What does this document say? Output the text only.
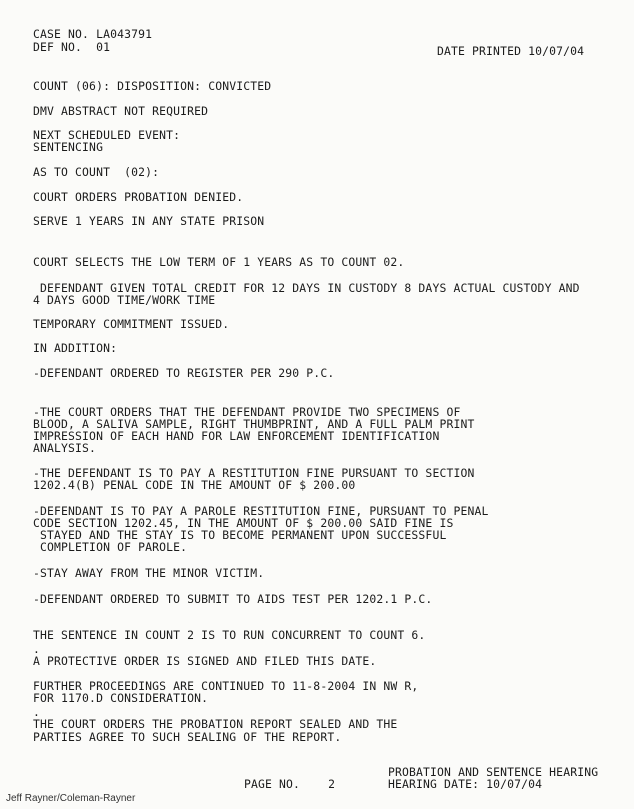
CASE NO. LA043791
DEF NO.  01	DATE PRINTED 10/07/04
COUNT (06): DISPOSITION: CONVICTED
DMV ABSTRACT NOT REQUIRED
NEXT SCHEDULED EVENT:
SENTENCING
AS TO COUNT  (02):
COURT ORDERS PROBATION DENIED.
SERVE 1 YEARS IN ANY STATE PRISON
COURT SELECTS THE LOW TERM OF 1 YEARS AS TO COUNT 02.
DEFENDANT GIVEN TOTAL CREDIT FOR 12 DAYS IN CUSTODY 8 DAYS ACTUAL CUSTODY AND
4 DAYS GOOD TIME/WORK TIME
TEMPORARY COMMITMENT ISSUED.
IN ADDITION:
-DEFENDANT ORDERED TO REGISTER PER 290 P.C.
-THE COURT ORDERS THAT THE DEFENDANT PROVIDE TWO SPECIMENS OF
BLOOD, A SALIVA SAMPLE, RIGHT THUMBPRINT, AND A FULL PALM PRINT
IMPRESSION OF EACH HAND FOR LAW ENFORCEMENT IDENTIFICATION
ANALYSIS.
-THE DEFENDANT IS TO PAY A RESTITUTION FINE PURSUANT TO SECTION
1202.4(B) PENAL CODE IN THE AMOUNT OF $ 200.00
-DEFENDANT IS TO PAY A PAROLE RESTITUTION FINE, PURSUANT TO PENAL
CODE SECTION 1202.45, IN THE AMOUNT OF $ 200.00 SAID FINE IS
STAYED AND THE STAY IS TO BECOME PERMANENT UPON SUCCESSFUL
COMPLETION OF PAROLE.
-STAY AWAY FROM THE MINOR VICTIM.
-DEFENDANT ORDERED TO SUBMIT TO AIDS TEST PER 1202.1 P.C.
THE SENTENCE IN COUNT 2 IS TO RUN CONCURRENT TO COUNT 6.
.
A PROTECTIVE ORDER IS SIGNED AND FILED THIS DATE.
FURTHER PROCEEDINGS ARE CONTINUED TO 11-8-2004 IN NW R,
FOR 1170.D CONSIDERATION.
.
THE COURT ORDERS THE PROBATION REPORT SEALED AND THE
PARTIES AGREE TO SUCH SEALING OF THE REPORT.
PAGE NO.    2
PROBATION AND SENTENCE HEARING
HEARING DATE: 10/07/04
Jeff Rayner/Coleman-Rayner
